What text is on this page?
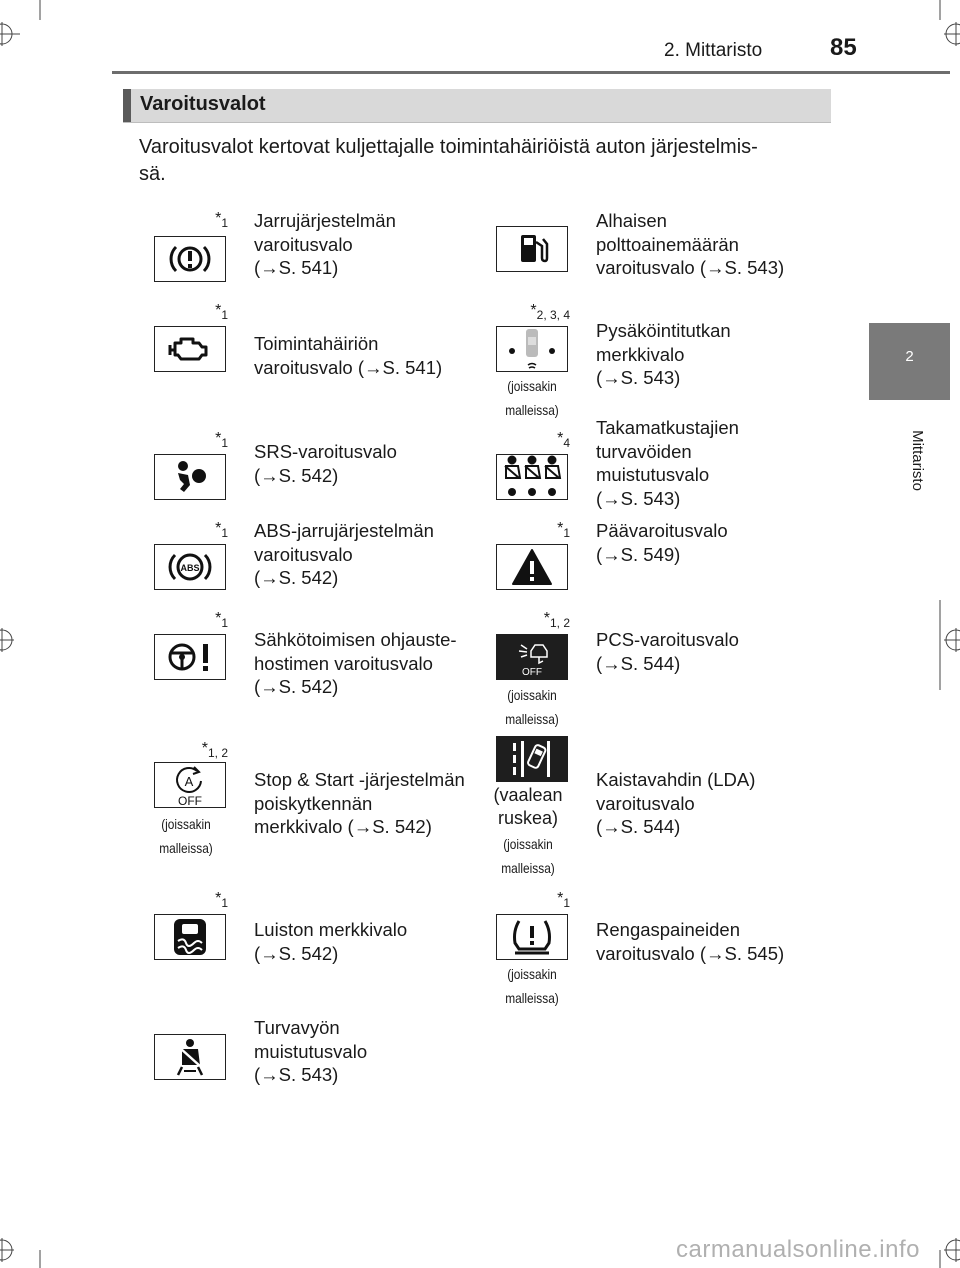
2. Mittaristo	85
2
Mittaristo
Varoitusvalot
Varoitusvalot kertovat kuljettajalle toimintahäiriöistä auton järjestelmis-
sä.
$*_1$ Jarrujärjestelmän
varoitusvalo
(→S. 541)
Alhaisen
polttoainemäärän
varoitusvalo (→S. 543)
$*_1$
Toimintahäiriön
varoitusvalo (→S. 541)
$*_{2, 3, 4}$
(joissakin
malleissa)
Pysäköintitutkan
merkkivalo
(→S. 543)
$*_1$ SRS-varoitusvalo
(→S. 542)
$*_4$
Takamatkustajien
turvavöiden
muistutusvalo
(→S. 543)
$*_1$
ABS
ABS-jarrujärjestelmän
varoitusvalo
(→S. 542)
$*_1$ Päävaroitusvalo
(→S. 549)
$*_1$
Sähkötoimisen ohjauste-
hostimen varoitusvalo
(→S. 542)
$*_{1, 2}$
OFF
(joissakin
malleissa)
PCS-varoitusvalo
(→S. 544)
$*_{1, 2}$
A
OFF
(joissakin
malleissa)
Stop & Start -järjestelmän
poiskytkennän
merkkivalo (→S. 542)
(vaalean
ruskea)
(joissakin
malleissa)
Kaistavahdin (LDA)
varoitusvalo
(→S. 544)
$*_1$
Luiston merkkivalo
(→S. 542)
$*_1$
(joissakin
malleissa)
Rengaspaineiden
varoitusvalo (→S. 545)
Turvavyön
muistutusvalo
(→S. 543)
carmanualsonline.info
